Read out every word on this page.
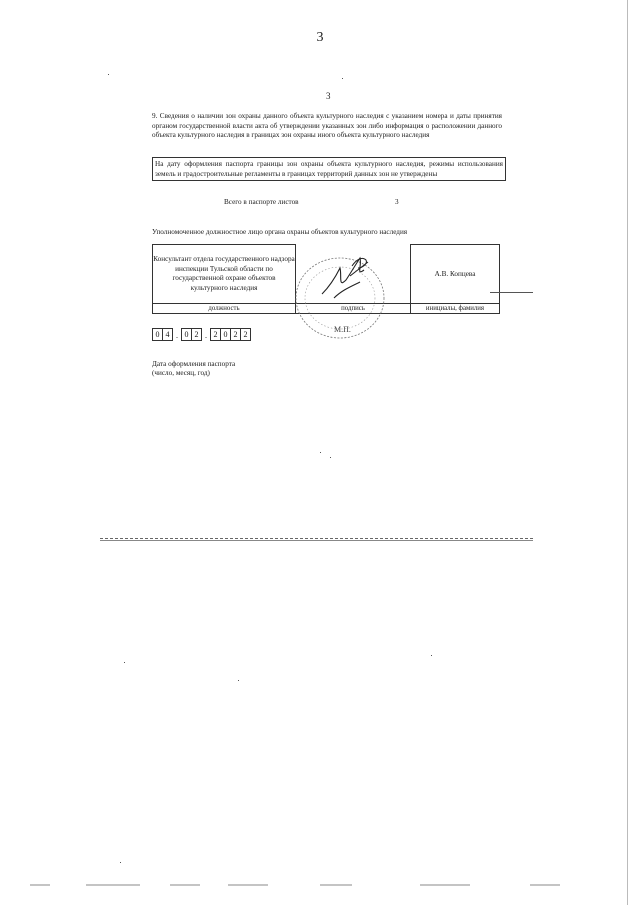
3
3

9. Сведения о наличии зон охраны данного объекта культурного наследия с указанием номера и даты принятия органом государственной власти акта об утверждении указанных зон либо информация о расположении данного объекта культурного наследия в границах зон охраны иного объекта культурного наследия

На дату оформления паспорта границы зон охраны объекта культурного наследия, режимы использования земель и градостроительные регламенты в границах территорий данных зон не утверждены
Всего в паспорте листов	3
Уполномоченное должностное лицо органа охраны объектов культурного наследия
Консультант отдела государственного надзора инспекции Тульской области по государственной охране объектов культурного наследия		А.В. Копцева
должность	подпись	инициалы, фамилия
М.П.
0 4 . 0 2 . 2 0 2 2
Дата оформления паспорта
(число, месяц, год)
